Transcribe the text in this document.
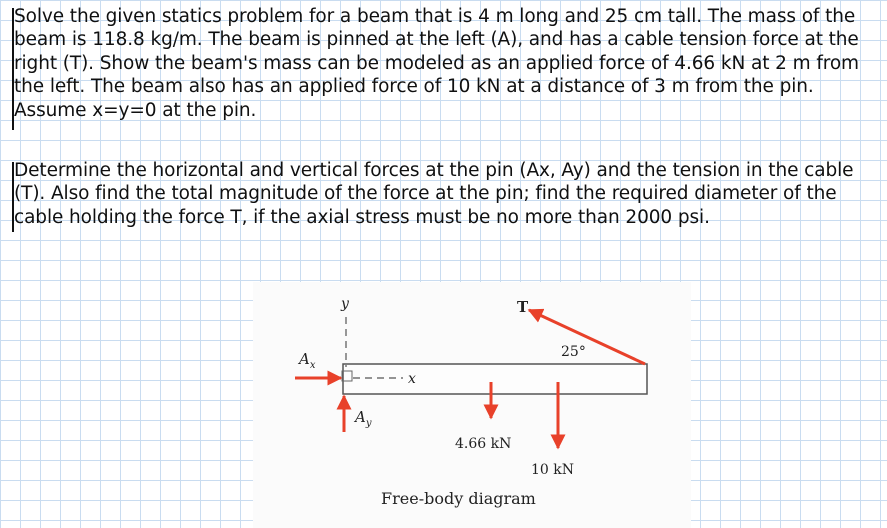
Solve the given statics problem for a beam that is 4 m long and 25 cm tall. The mass of the
beam is 118.8 kg/m. The beam is pinned at the left (A), and has a cable tension force at the
right (T). Show the beam's mass can be modeled as an applied force of 4.66 kN at 2 m from
the left. The beam also has an applied force of 10 kN at a distance of 3 m from the pin.
Assume x=y=0 at the pin.
Determine the horizontal and vertical forces at the pin (Ax, Ay) and the tension in the cable
(T). Also find the total magnitude of the force at the pin; find the required diameter of the
cable holding the force T, if the axial stress must be no more than 2000 psi.
y
x
$A_x$
$A_y$
T
25°
4.66 kN
10 kN
Free-body diagram
